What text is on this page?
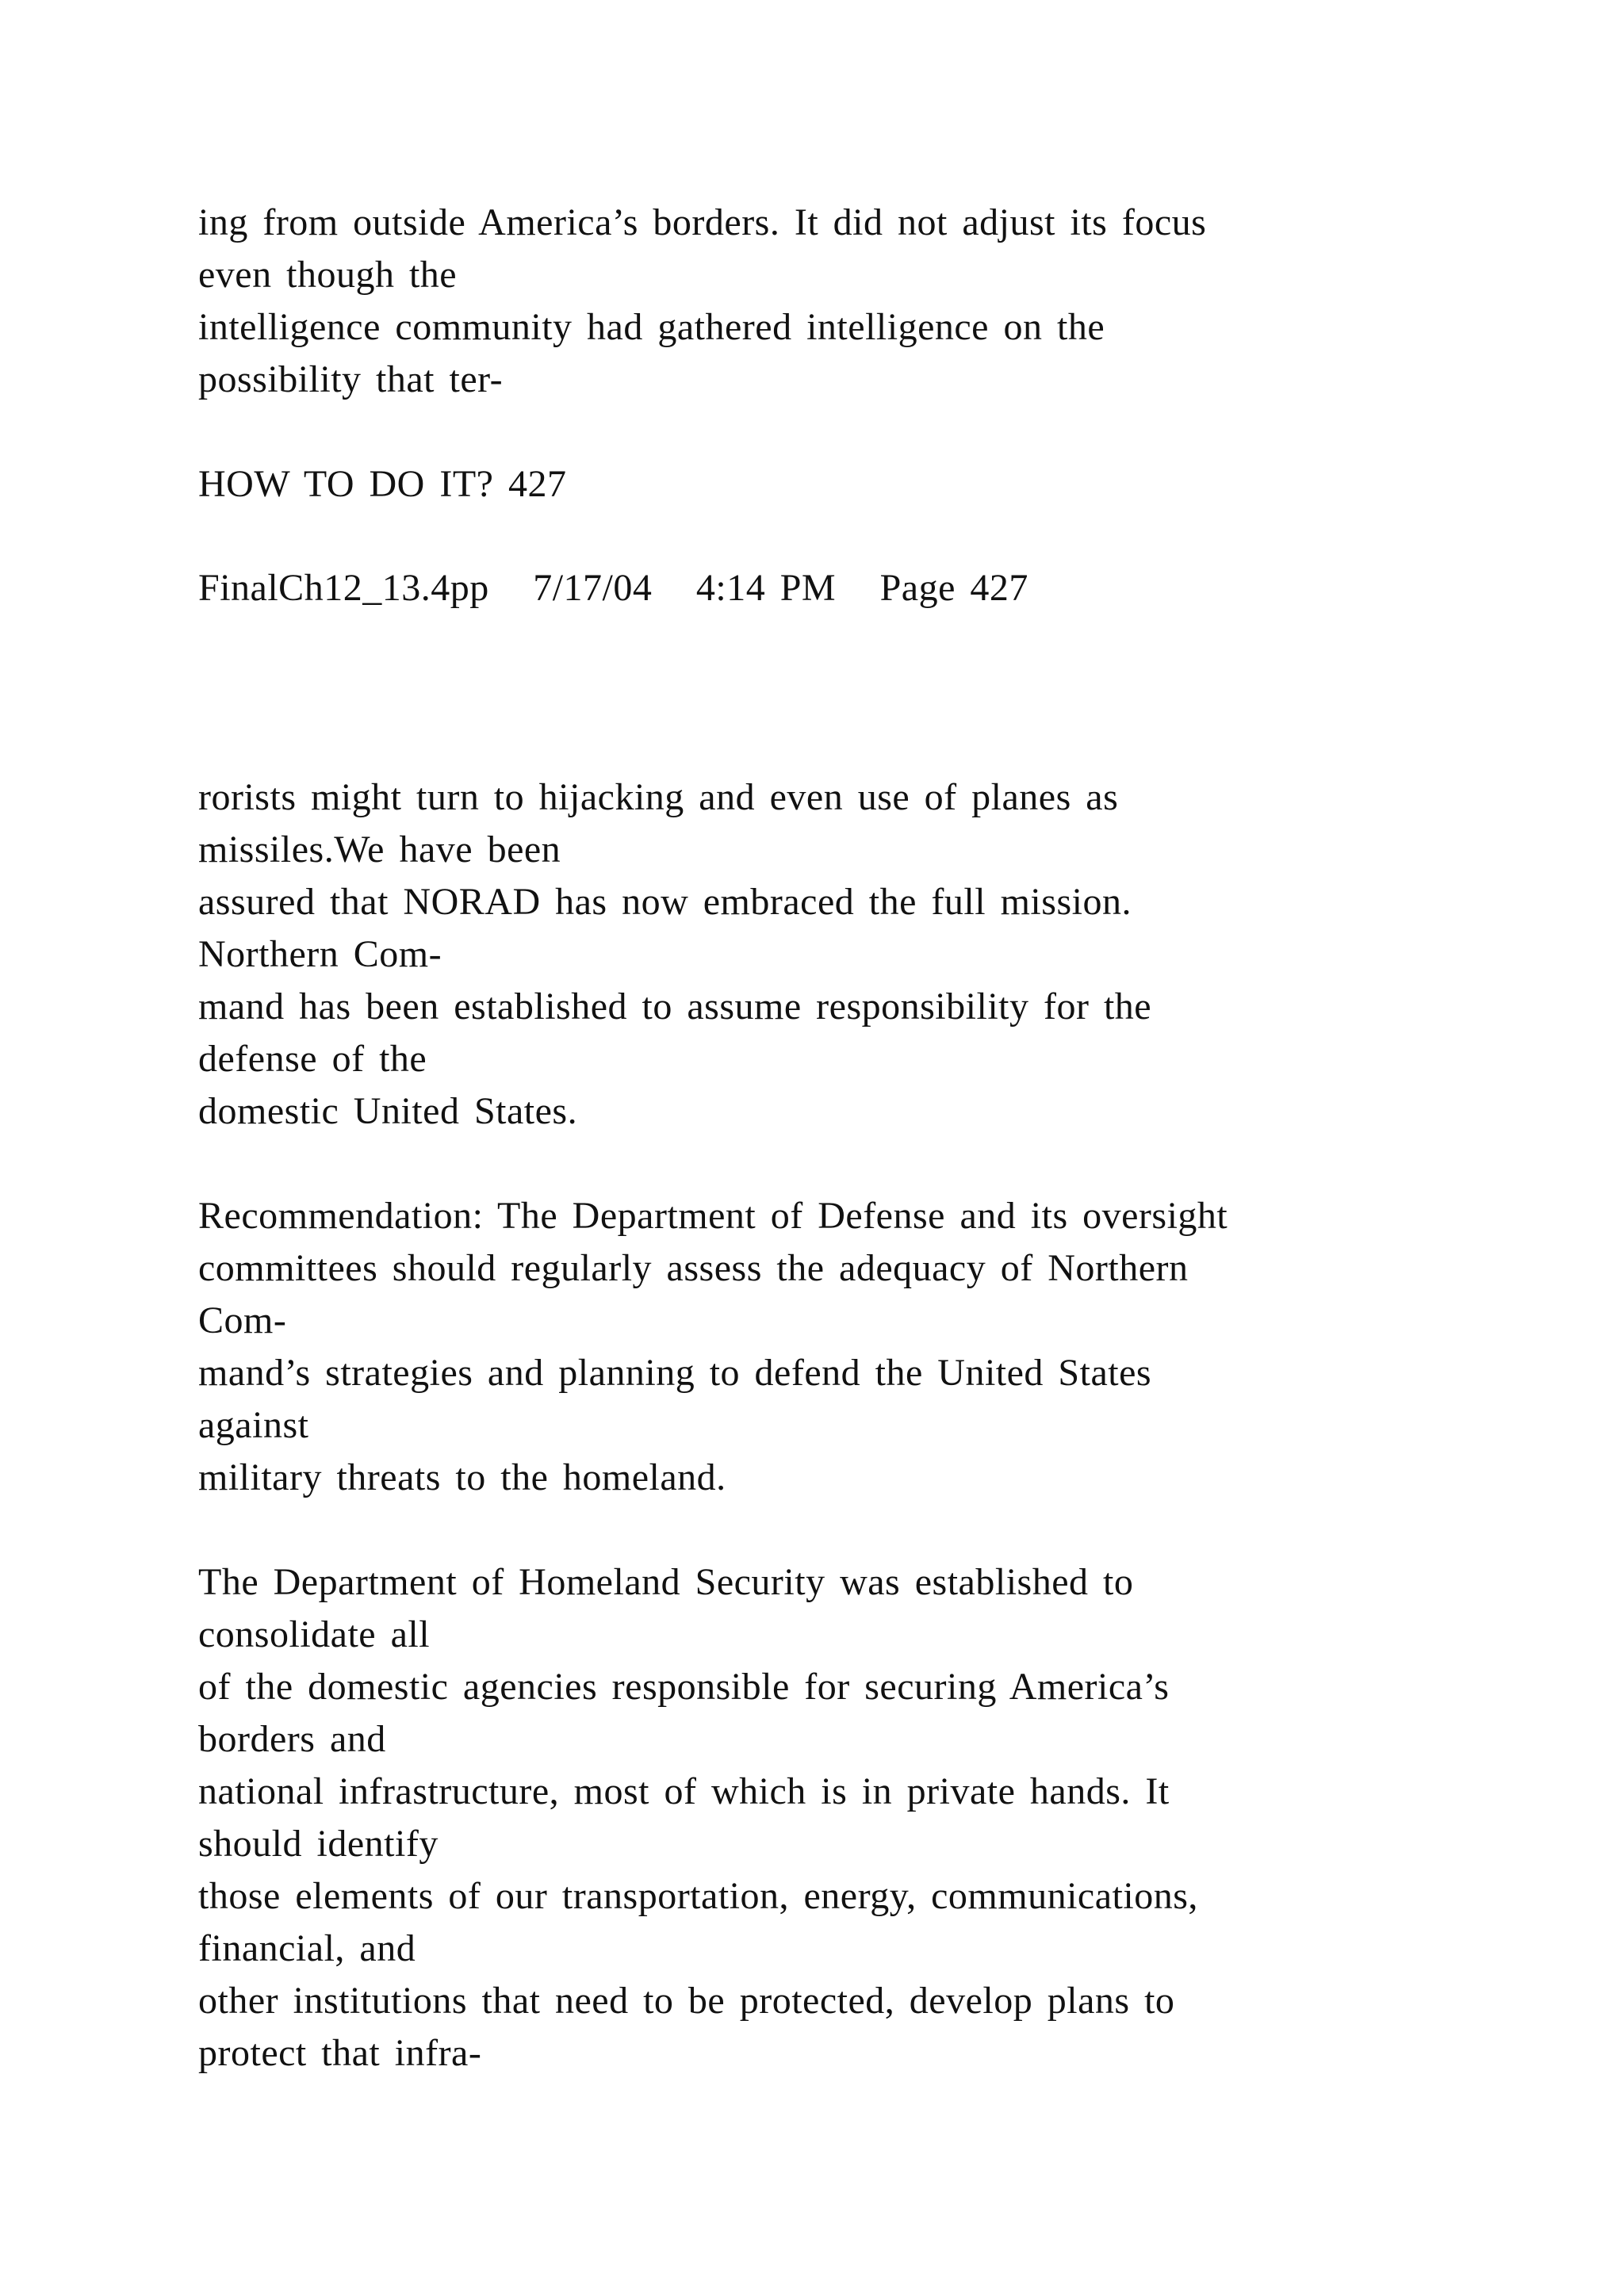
ing from outside America’s borders. It did not adjust its focus
even though the
intelligence community had gathered intelligence on the
possibility that ter-
HOW TO DO IT? 427
FinalCh12_13.4pp   7/17/04   4:14 PM   Page 427
rorists might turn to hijacking and even use of planes as
missiles.We have been
assured that NORAD has now embraced the full mission.
Northern Com-
mand has been established to assume responsibility for the
defense of the
domestic United States.
Recommendation: The Department of Defense and its oversight
committees should regularly assess the adequacy of Northern
Com-
mand’s strategies and planning to defend the United States
against
military threats to the homeland.
The Department of Homeland Security was established to
consolidate all
of the domestic agencies responsible for securing America’s
borders and
national infrastructure, most of which is in private hands. It
should identify
those elements of our transportation, energy, communications,
financial, and
other institutions that need to be protected, develop plans to
protect that infra-
